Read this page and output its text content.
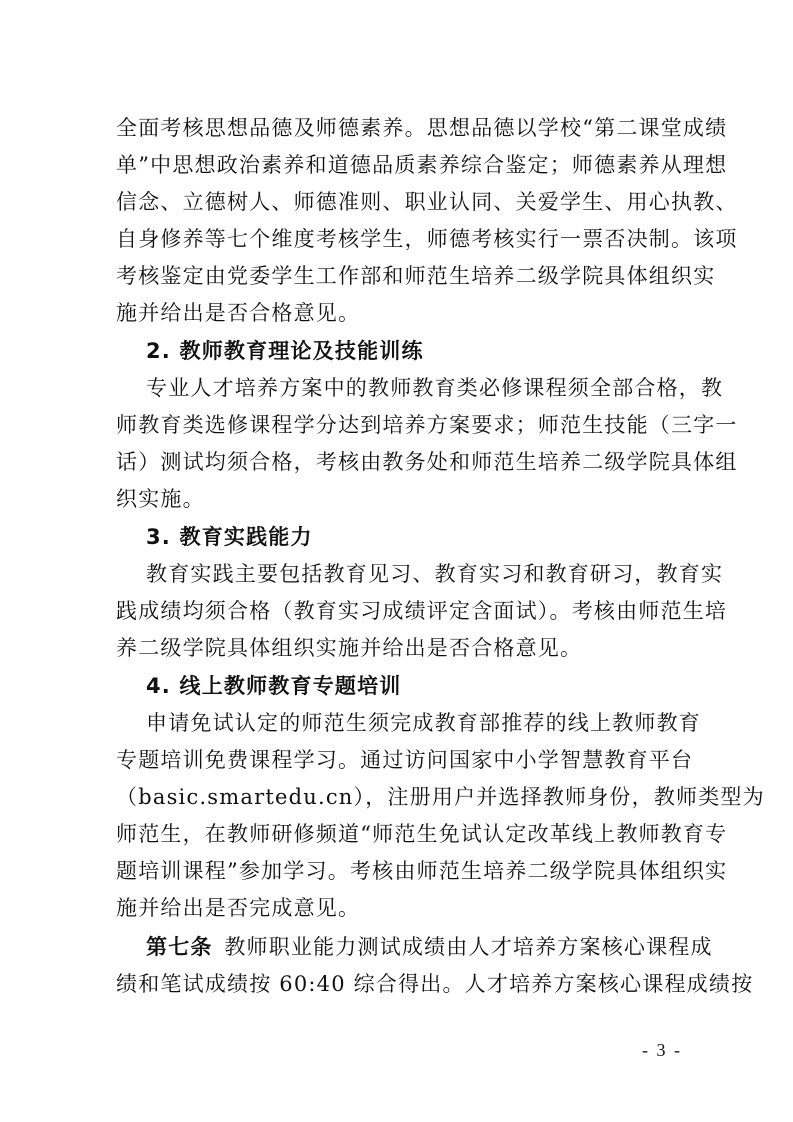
全面考核思想品德及师德素养。思想品德以学校“第二课堂成绩
单”中思想政治素养和道德品质素养综合鉴定；师德素养从理想
信念、立德树人、师德准则、职业认同、关爱学生、用心执教、
自身修养等七个维度考核学生，师德考核实行一票否决制。该项
考核鉴定由党委学生工作部和师范生培养二级学院具体组织实
施并给出是否合格意见。
2. 教师教育理论及技能训练
专业人才培养方案中的教师教育类必修课程须全部合格，教
师教育类选修课程学分达到培养方案要求；师范生技能（三字一
话）测试均须合格，考核由教务处和师范生培养二级学院具体组
织实施。
3. 教育实践能力
教育实践主要包括教育见习、教育实习和教育研习，教育实
践成绩均须合格（教育实习成绩评定含面试）。考核由师范生培
养二级学院具体组织实施并给出是否合格意见。
4. 线上教师教育专题培训
申请免试认定的师范生须完成教育部推荐的线上教师教育
专题培训免费课程学习。通过访问国家中小学智慧教育平台
（basic.smartedu.cn），注册用户并选择教师身份，教师类型为
师范生，在教师研修频道“师范生免试认定改革线上教师教育专
题培训课程”参加学习。考核由师范生培养二级学院具体组织实
施并给出是否完成意见。
第七条  教师职业能力测试成绩由人才培养方案核心课程成
绩和笔试成绩按 60:40 综合得出。人才培养方案核心课程成绩按
- 3 -
